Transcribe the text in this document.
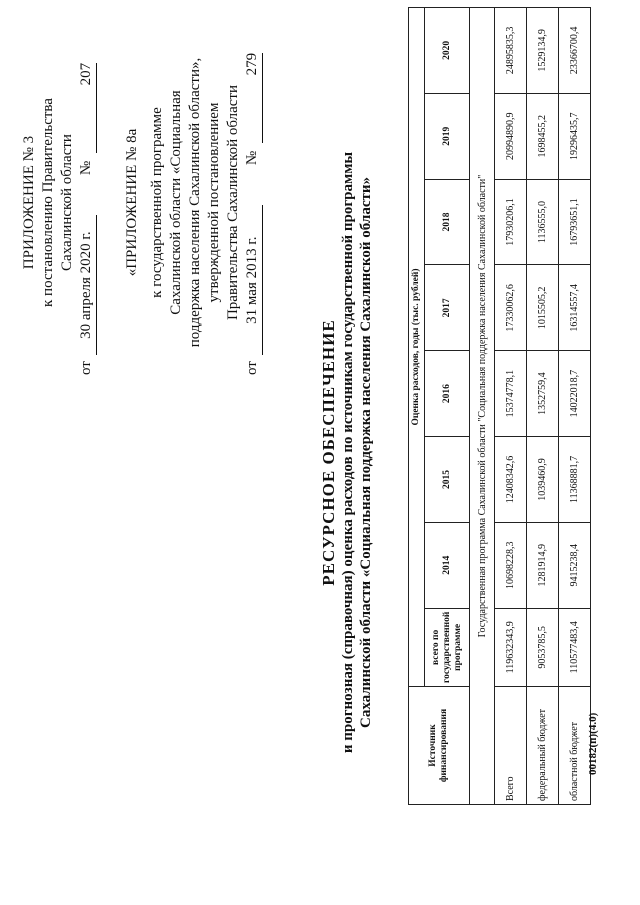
ПРИЛОЖЕНИЕ № 3 к постановлению Правительства Сахалинской области
от
30 апреля 2020 г.
№
207
«ПРИЛОЖЕНИЕ № 8а к государственной программе Сахалинской области «Социальная поддержка населения Сахалинской области», утвержденной постановлением Правительства Сахалинской области
от
31 мая 2013 г.
№
279
РЕСУРСНОЕ ОБЕСПЕЧЕНИЕ и прогнозная (справочная) оценка расходов по источникам государственной программы Сахалинской области «Социальная поддержка населения Сахалинской области»
Источник финансирования	Оценка расходов, годы (тыс. рублей)							
	всего по государственной программе	2014	2015	2016	2017	2018	2019	2020
Государственная программа Сахалинской области "Социальная поддержка населения Сахалинской области"								
Всего	119632343,9	10698228,3	12408342,6	15374778,1	17330062,6	17930206,1	20994890,9	24895835,3
федеральный бюджет	9053785,5	1281914,9	1039460,9	1352759,4	1015505,2	1136555,0	1698455,2	1529134,9
областной бюджет	110577483,4	9415238,4	11368881,7	14022018,7	16314557,4	16793651,1	19296435,7	23366700,4
00182(п)(4.0)
